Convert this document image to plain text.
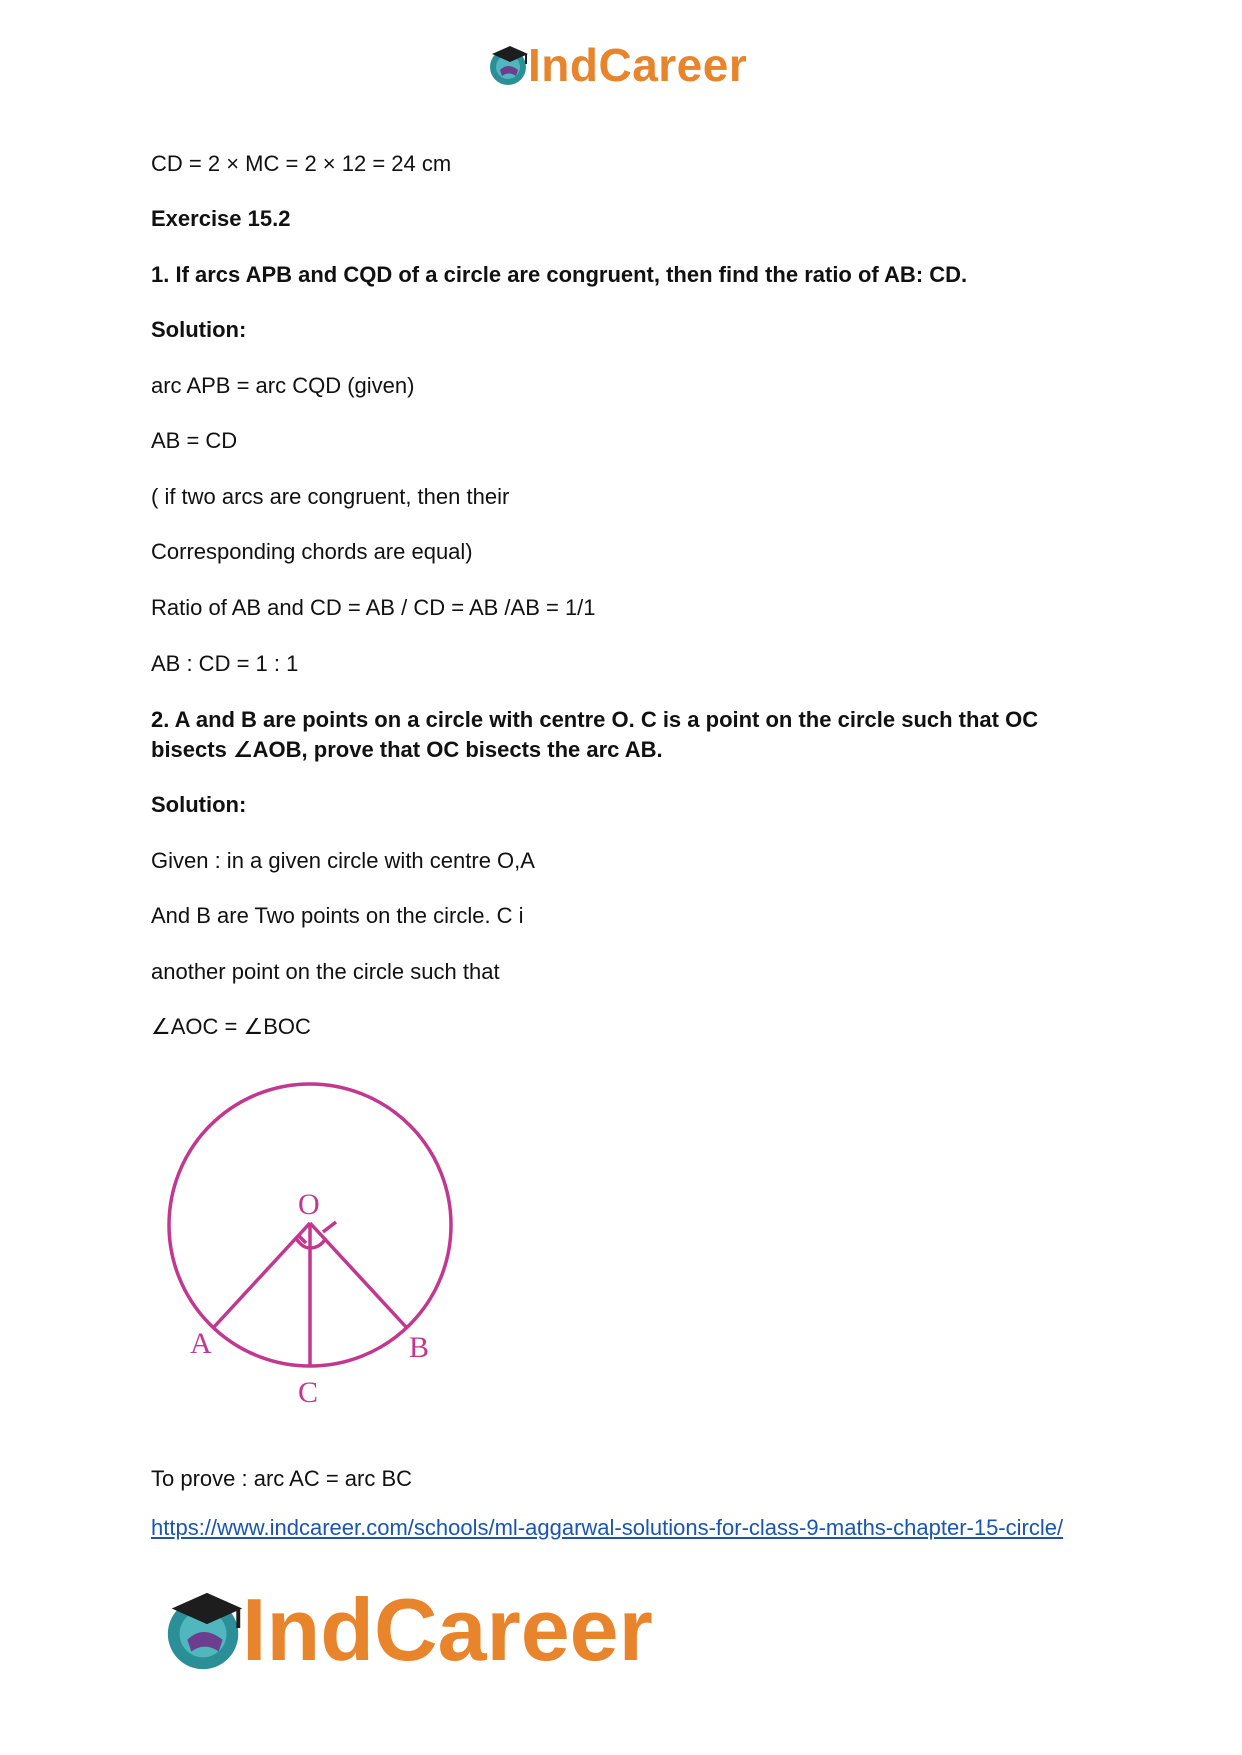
IndCareer
CD = 2 × MC = 2 × 12 = 24 cm
Exercise 15.2
1. If arcs APB and CQD of a circle are congruent, then find the ratio of AB: CD.
Solution:
arc APB = arc CQD (given)
AB = CD
( if two arcs are congruent, then their
Corresponding chords are equal)
Ratio of AB and CD = AB / CD = AB /AB = 1/1
AB : CD = 1 : 1
2. A and B are points on a circle with centre O. C is a point on the circle such that OC bisects ∠AOB, prove that OC bisects the arc AB.
Solution:
Given : in a given circle with centre O,A
And B are Two points on the circle. C i
another point on the circle such that
∠AOC = ∠BOC
O
A	B
C
To prove : arc AC = arc BC
https://www.indcareer.com/schools/ml-aggarwal-solutions-for-class-9-maths-chapter-15-circle/
IndCareer
